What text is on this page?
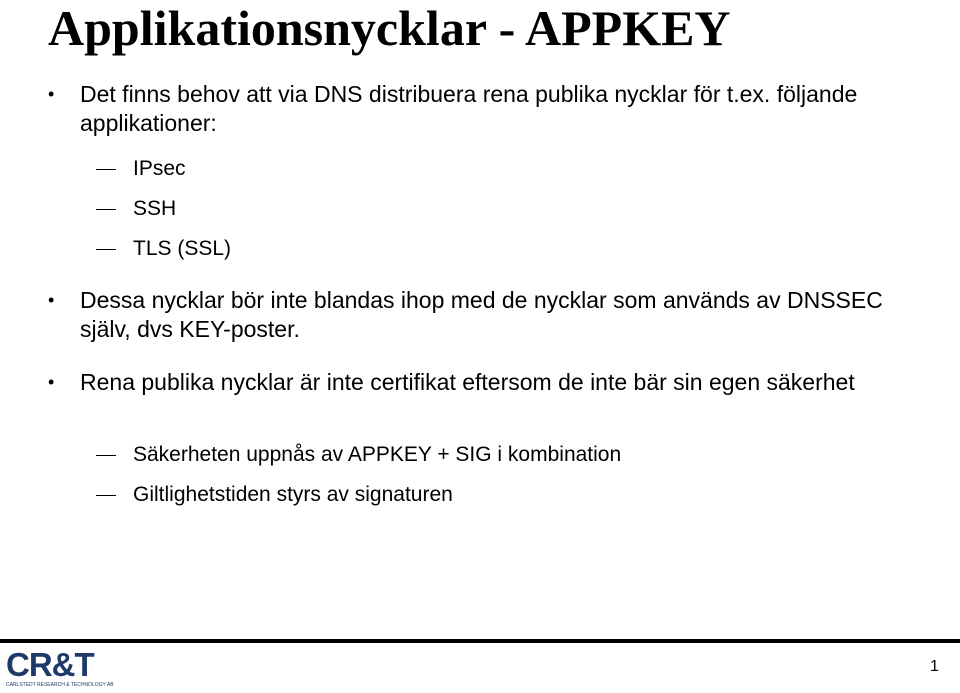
Applikationsnycklar - APPKEY
•	Det finns behov att via DNS distribuera rena publika nycklar för t.ex. följande applikationer:
IPsec
SSH
TLS (SSL)
•	Dessa nycklar bör inte blandas ihop med de nycklar som används av DNSSEC själv, dvs KEY-poster.
•	Rena publika nycklar är inte certifikat eftersom de inte bär sin egen säkerhet
Säkerheten uppnås av APPKEY + SIG i kombination
Giltlighetstiden styrs av signaturen
CR&T
CARLSTEDT RESEARCH & TECHNOLOGY AB
1
